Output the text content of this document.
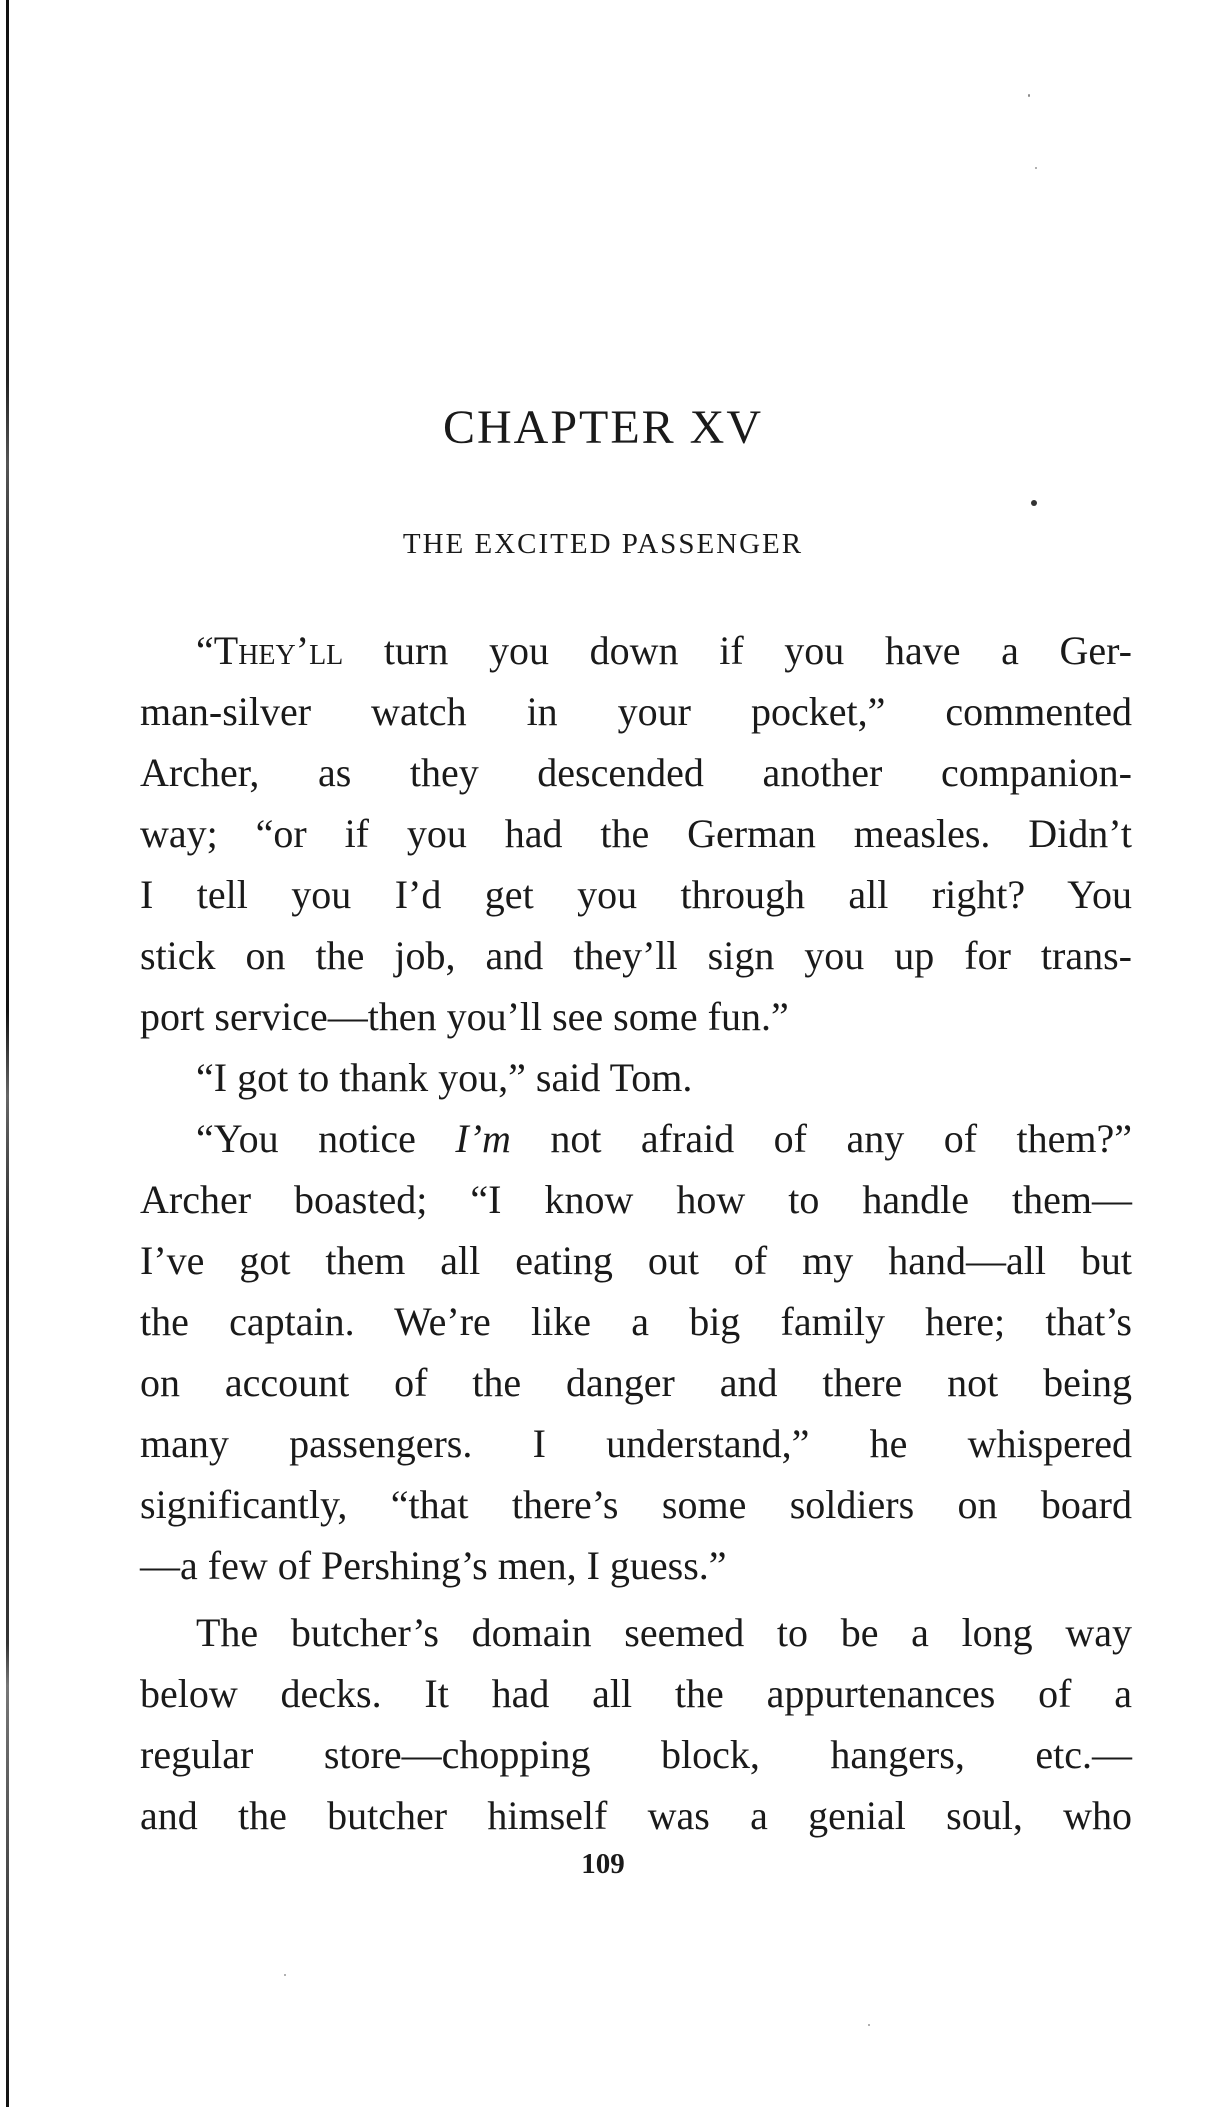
CHAPTER XV
THE EXCITED PASSENGER
“They’ll turn you down if you have a Ger-
man-silver watch in your pocket,” commented
Archer, as they descended another companion-
way; “or if you had the German measles. Didn’t
I tell you I’d get you through all right? You
stick on the job, and they’ll sign you up for trans-
port service—then you’ll see some fun.”
“I got to thank you,” said Tom.
“You notice I’m not afraid of any of them?”
Archer boasted; “I know how to handle them—
I’ve got them all eating out of my hand—all but
the captain. We’re like a big family here; that’s
on account of the danger and there not being
many passengers. I understand,” he whispered
significantly, “that there’s some soldiers on board
—a few of Pershing’s men, I guess.”
The butcher’s domain seemed to be a long way
below decks. It had all the appurtenances of a
regular store—chopping block, hangers, etc.—
and the butcher himself was a genial soul, who
109
